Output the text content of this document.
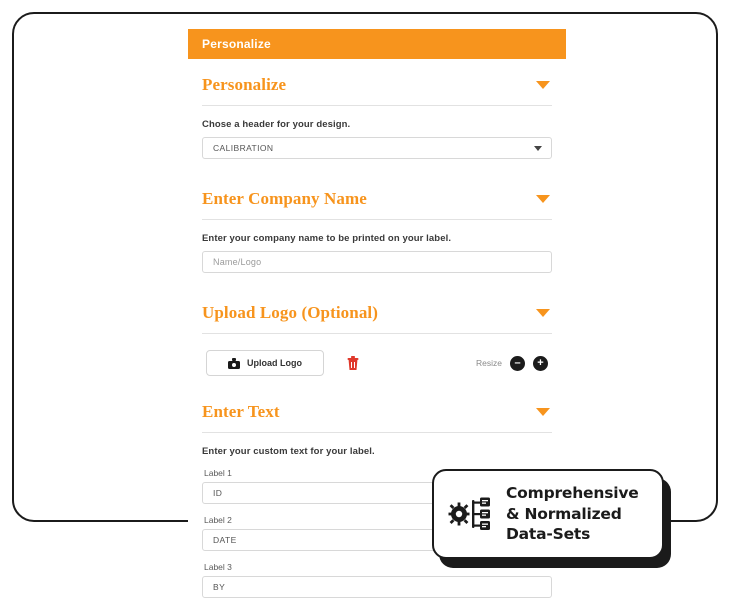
Personalize
Personalize
Chose a header for your design.
CALIBRATION
Enter Company Name
Enter your company name to be printed on your label.
Name/Logo
Upload Logo (Optional)
Upload Logo	Resize	–	+
Enter Text
Enter your custom text for your label.
Label 1
ID
Label 2
DATE
Label 3
BY
Comprehensive
& Normalized
Data-Sets
